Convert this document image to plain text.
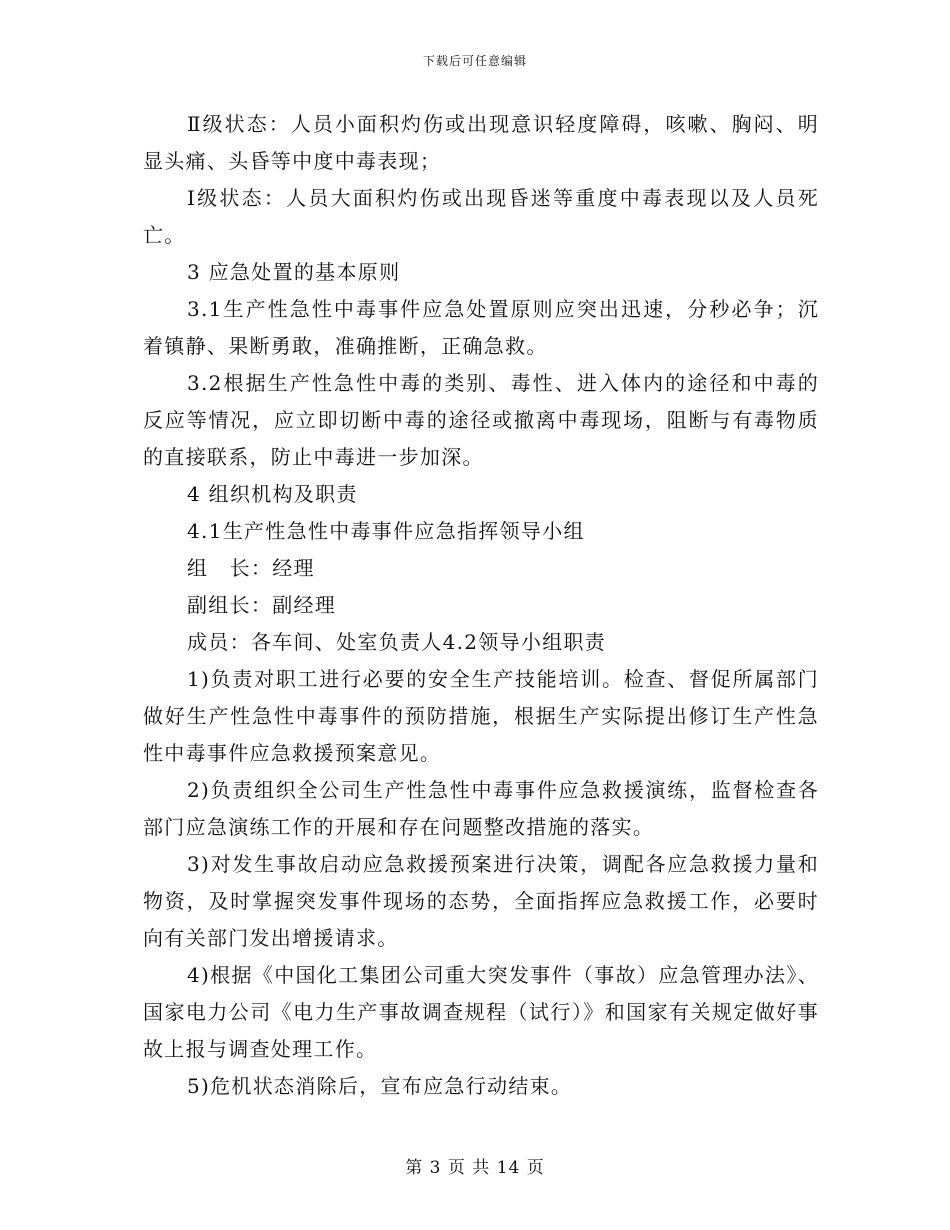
下载后可任意编辑

Ⅱ级状态：人员小面积灼伤或出现意识轻度障碍，咳嗽、胸闷、明显头痛、头昏等中度中毒表现；

Ⅰ级状态：人员大面积灼伤或出现昏迷等重度中毒表现以及人员死亡。

3 应急处置的基本原则

3.1生产性急性中毒事件应急处置原则应突出迅速，分秒必争；沉着镇静、果断勇敢，准确推断，正确急救。

3.2根据生产性急性中毒的类别、毒性、进入体内的途径和中毒的反应等情况，应立即切断中毒的途径或撤离中毒现场，阻断与有毒物质的直接联系，防止中毒进一步加深。

4 组织机构及职责

4.1生产性急性中毒事件应急指挥领导小组

组　长：经理

副组长：副经理

成员：各车间、处室负责人4.2领导小组职责

1)负责对职工进行必要的安全生产技能培训。检查、督促所属部门做好生产性急性中毒事件的预防措施，根据生产实际提出修订生产性急性中毒事件应急救援预案意见。

2)负责组织全公司生产性急性中毒事件应急救援演练，监督检查各部门应急演练工作的开展和存在问题整改措施的落实。

3)对发生事故启动应急救援预案进行决策，调配各应急救援力量和物资，及时掌握突发事件现场的态势，全面指挥应急救援工作，必要时向有关部门发出增援请求。

4)根据《中国化工集团公司重大突发事件（事故）应急管理办法》、国家电力公司《电力生产事故调查规程（试行）》和国家有关规定做好事故上报与调查处理工作。

5)危机状态消除后，宣布应急行动结束。

第 3 页 共 14 页
